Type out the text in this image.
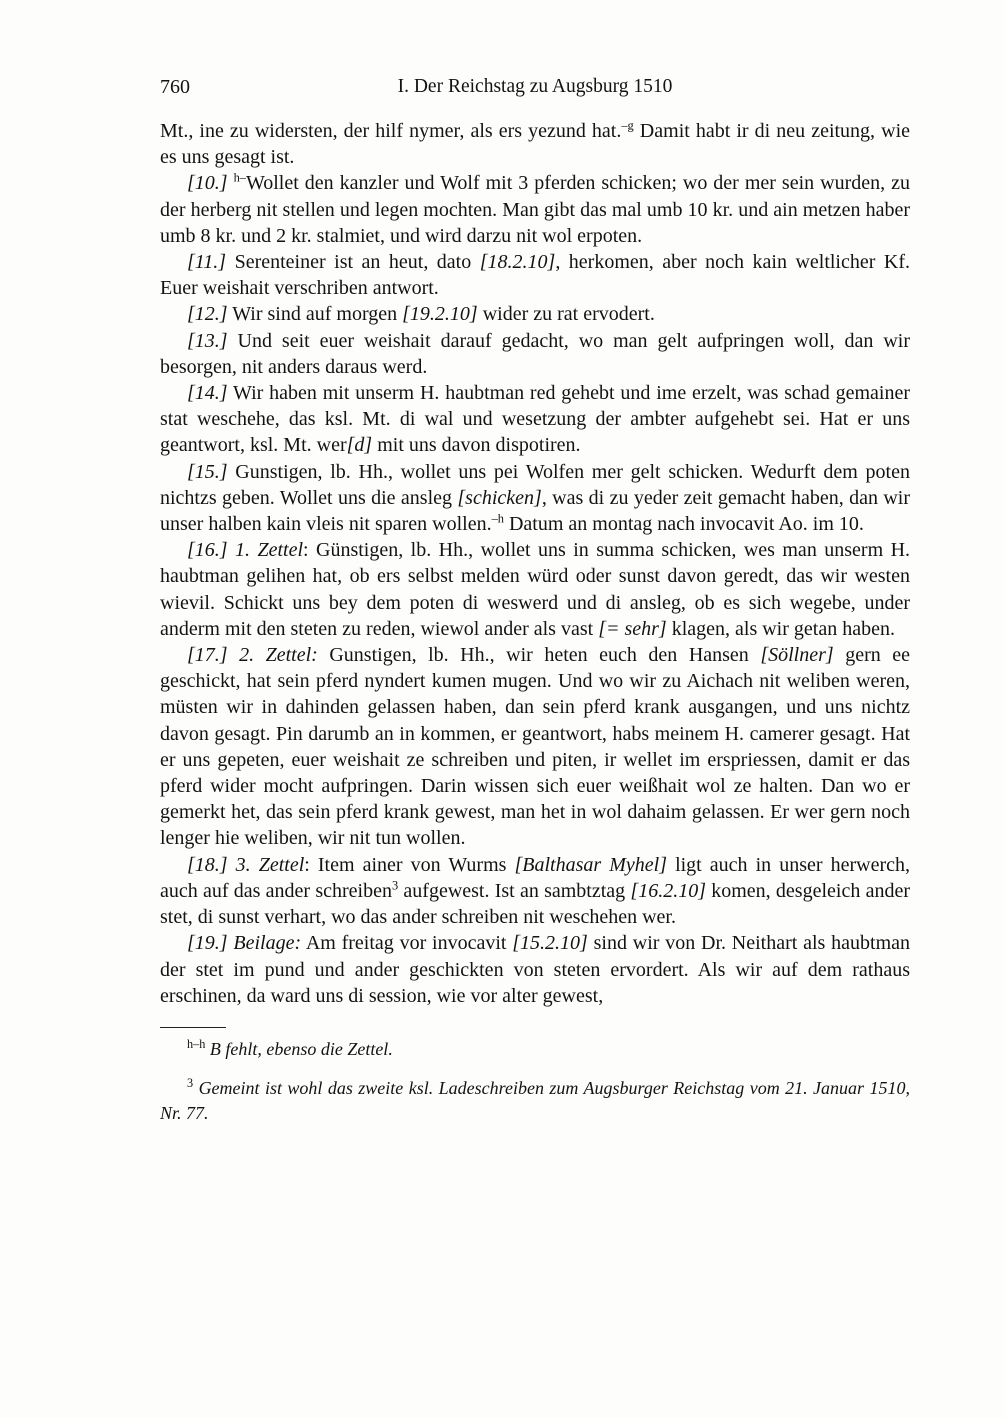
760	I. Der Reichstag zu Augsburg 1510

Mt., ine zu widersten, der hilf nymer, als ers yezund hat.$^{-g}$ Damit habt ir di neu zeitung, wie es uns gesagt ist.

[10.] $^{h-}$Wollet den kanzler und Wolf mit 3 pferden schicken; wo der mer sein wurden, zu der herberg nit stellen und legen mochten. Man gibt das mal umb 10 kr. und ain metzen haber umb 8 kr. und 2 kr. stalmiet, und wird darzu nit wol erpoten.

[11.] Serenteiner ist an heut, dato [18.2.10], herkomen, aber noch kain weltlicher Kf. Euer weishait verschriben antwort.

[12.] Wir sind auf morgen [19.2.10] wider zu rat ervodert.

[13.] Und seit euer weishait darauf gedacht, wo man gelt aufpringen woll, dan wir besorgen, nit anders daraus werd.

[14.] Wir haben mit unserm H. haubtman red gehebt und ime erzelt, was schad gemainer stat weschehe, das ksl. Mt. di wal und wesetzung der ambter aufgehebt sei. Hat er uns geantwort, ksl. Mt. wer[d] mit uns davon dispotiren.

[15.] Gunstigen, lb. Hh., wollet uns pei Wolfen mer gelt schicken. Wedurft dem poten nichtzs geben. Wollet uns die ansleg [schicken], was di zu yeder zeit gemacht haben, dan wir unser halben kain vleis nit sparen wollen.$^{-h}$ Datum an montag nach invocavit Ao. im 10.

[16.] 1. Zettel: Günstigen, lb. Hh., wollet uns in summa schicken, wes man unserm H. haubtman gelihen hat, ob ers selbst melden würd oder sunst davon geredt, das wir westen wievil. Schickt uns bey dem poten di weswerd und di ansleg, ob es sich wegebe, under anderm mit den steten zu reden, wiewol ander als vast [= sehr] klagen, als wir getan haben.

[17.] 2. Zettel: Gunstigen, lb. Hh., wir heten euch den Hansen [Söllner] gern ee geschickt, hat sein pferd nyndert kumen mugen. Und wo wir zu Aichach nit weliben weren, müsten wir in dahinden gelassen haben, dan sein pferd krank ausgangen, und uns nichtz davon gesagt. Pin darumb an in kommen, er geantwort, habs meinem H. camerer gesagt. Hat er uns gepeten, euer weishait ze schreiben und piten, ir wellet im erspriessen, damit er das pferd wider mocht aufpringen. Darin wissen sich euer weißhait wol ze halten. Dan wo er gemerkt het, das sein pferd krank gewest, man het in wol dahaim gelassen. Er wer gern noch lenger hie weliben, wir nit tun wollen.

[18.] 3. Zettel: Item ainer von Wurms [Balthasar Myhel] ligt auch in unser herwerch, auch auf das ander schreiben$^3$ aufgewest. Ist an sambtztag [16.2.10] komen, desgeleich ander stet, di sunst verhart, wo das ander schreiben nit weschehen wer.

[19.] Beilage: Am freitag vor invocavit [15.2.10] sind wir von Dr. Neithart als haubtman der stet im pund und ander geschickten von steten ervordert. Als wir auf dem rathaus erschinen, da ward uns di session, wie vor alter gewest,

$^{h-h}$ B fehlt, ebenso die Zettel.

$^3$ Gemeint ist wohl das zweite ksl. Ladeschreiben zum Augsburger Reichstag vom 21. Januar 1510, Nr. 77.
